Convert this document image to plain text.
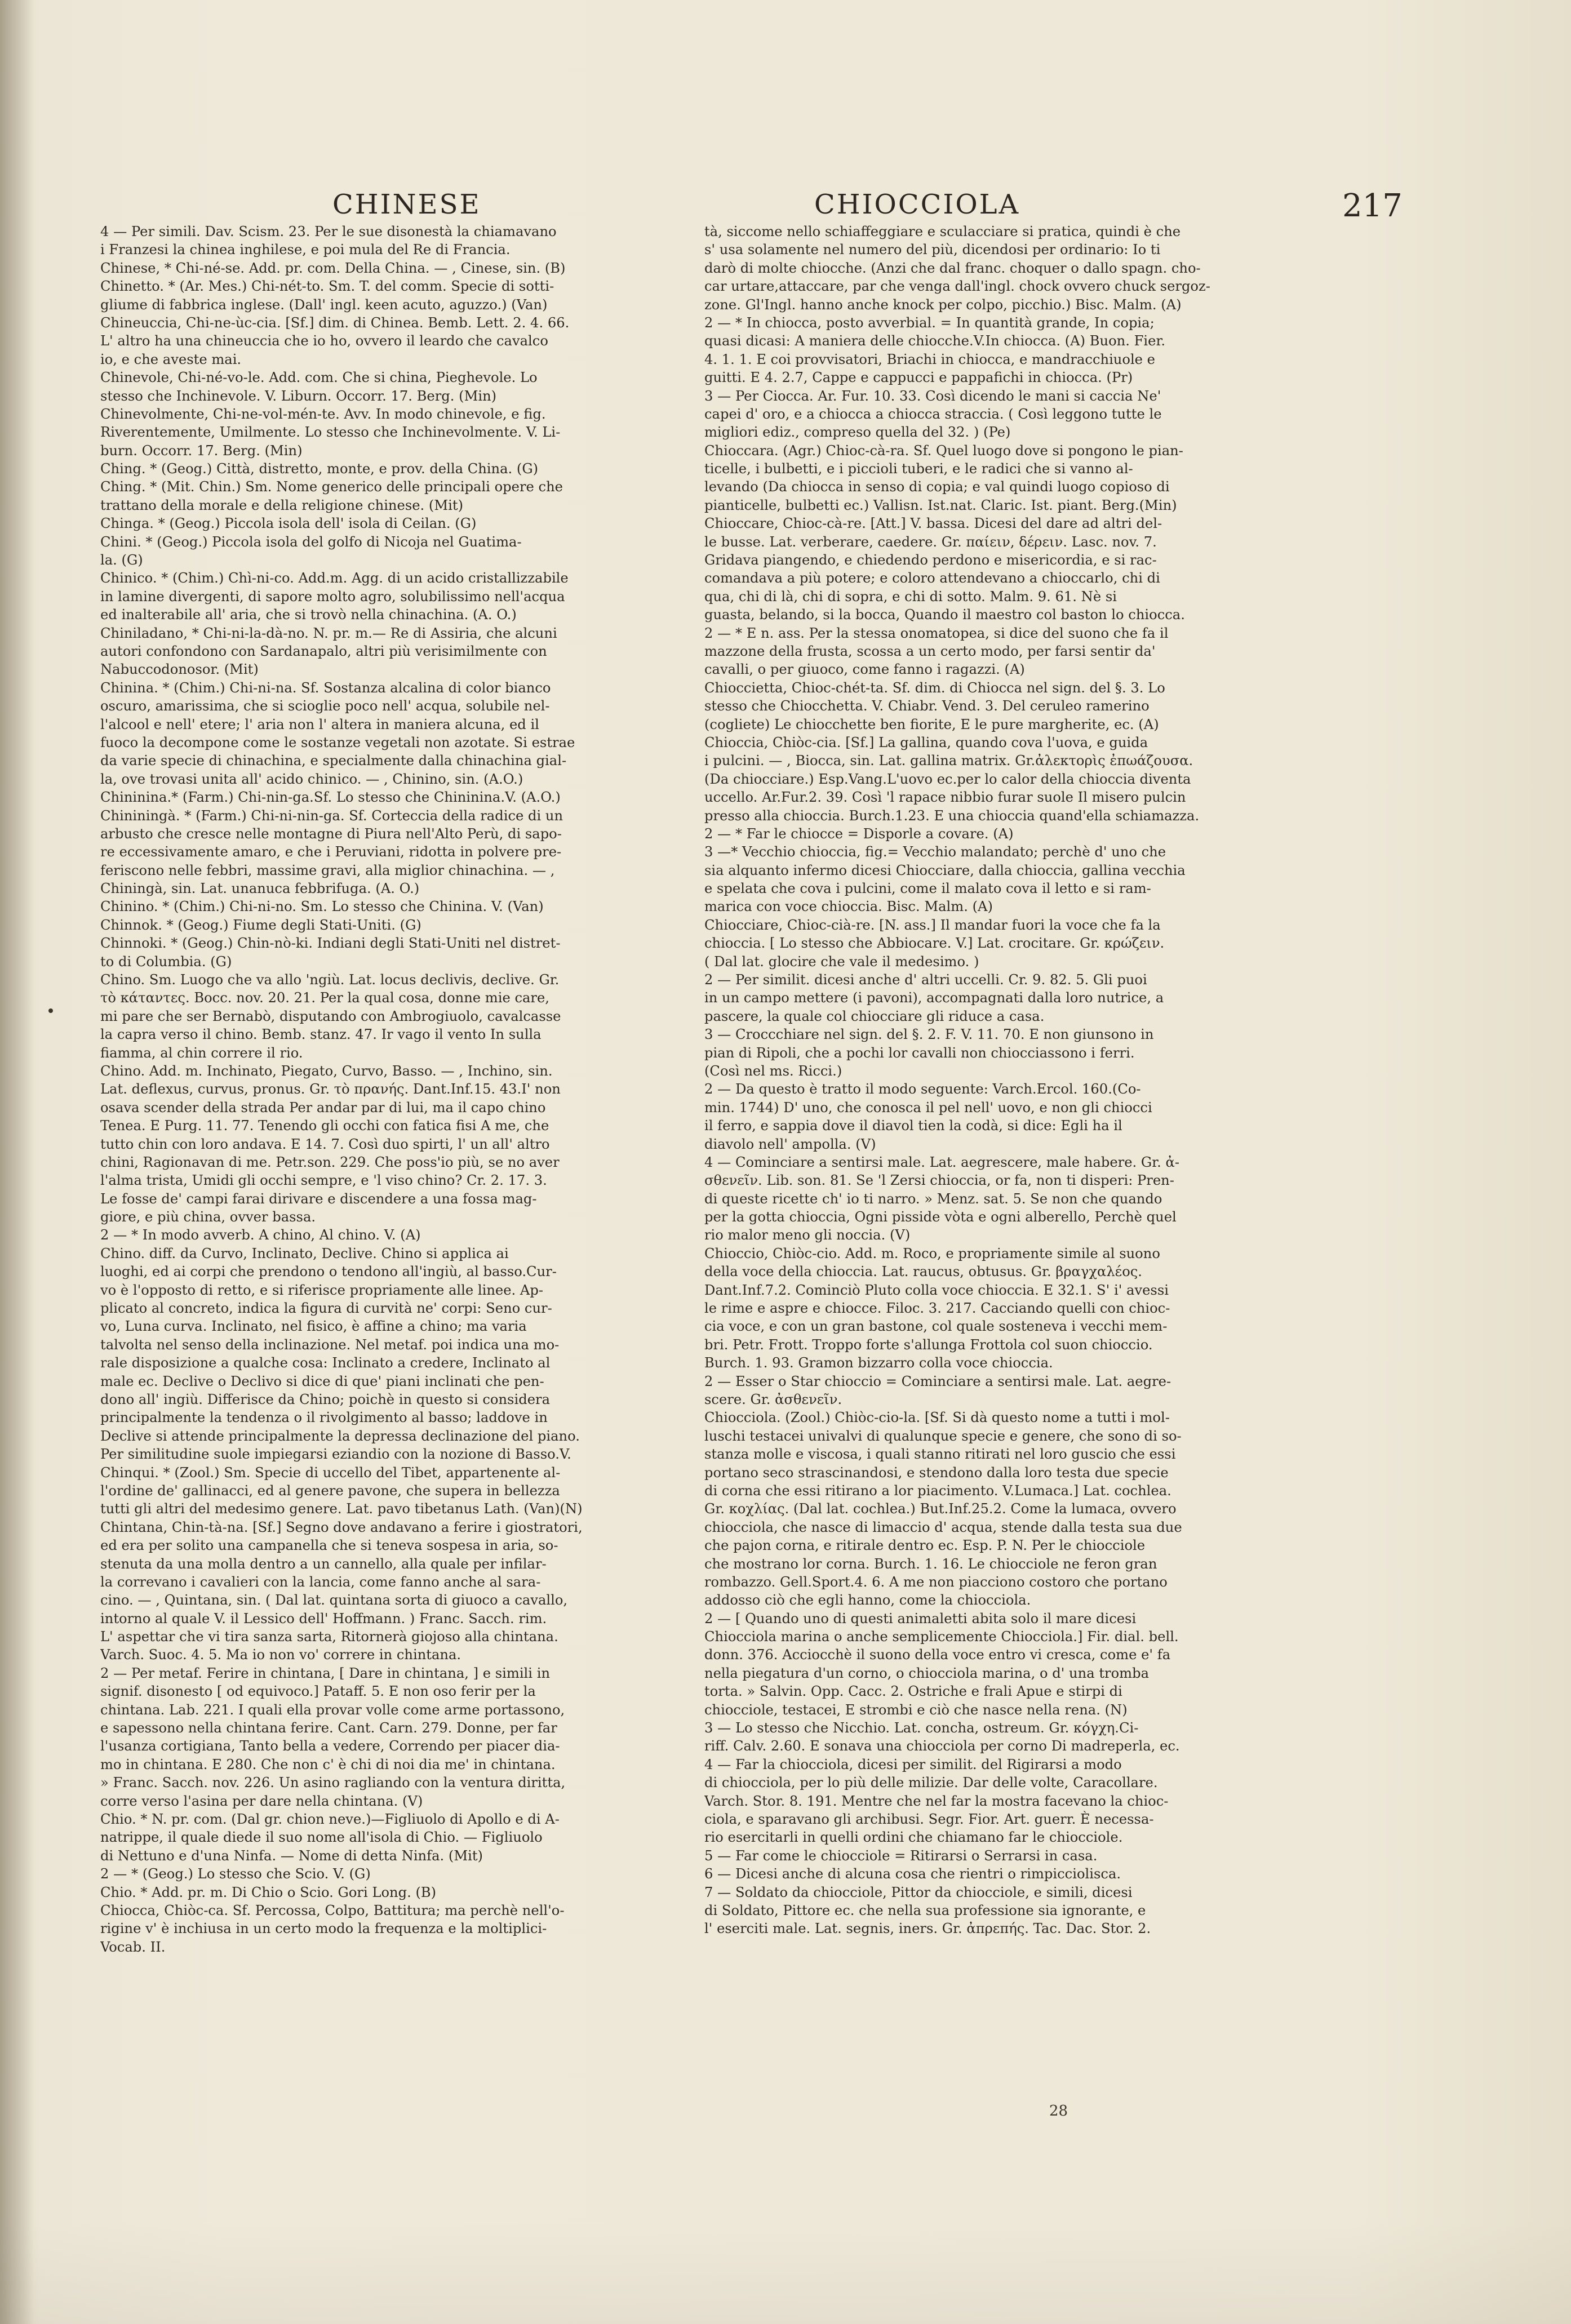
CHINESE	CHIOCCIOLA	217
4 — Per simili. Dav. Scism. 23. Per le sue disonestà la chiamavano
i Franzesi la chinea inghilese, e poi mula del Re di Francia.
Chinese, * Chi-né-se. Add. pr. com. Della China. — , Cinese, sin. (B)
Chinetto. * (Ar. Mes.) Chi-nét-to. Sm. T. del comm. Specie di sotti-
gliume di fabbrica inglese. (Dall' ingl. keen acuto, aguzzo.) (Van)
Chineuccia, Chi-ne-ùc-cia. [Sf.] dim. di Chinea. Bemb. Lett. 2. 4. 66.
L' altro ha una chineuccia che io ho, ovvero il leardo che cavalco
io, e che aveste mai.
Chinevole, Chi-né-vo-le. Add. com. Che si china, Pieghevole. Lo
stesso che Inchinevole. V. Liburn. Occorr. 17. Berg. (Min)
Chinevolmente, Chi-ne-vol-mén-te. Avv. In modo chinevole, e fig.
Riverentemente, Umilmente. Lo stesso che Inchinevolmente. V. Li-
burn. Occorr. 17. Berg. (Min)
Ching. * (Geog.) Città, distretto, monte, e prov. della China. (G)
Ching. * (Mit. Chin.) Sm. Nome generico delle principali opere che
trattano della morale e della religione chinese. (Mit)
Chinga. * (Geog.) Piccola isola dell' isola di Ceilan. (G)
Chini. * (Geog.) Piccola isola del golfo di Nicoja nel Guatima-
la. (G)
Chinico. * (Chim.) Chì-ni-co. Add.m. Agg. di un acido cristallizzabile
in lamine divergenti, di sapore molto agro, solubilissimo nell'acqua
ed inalterabile all' aria, che si trovò nella chinachina. (A. O.)
Chiniladano, * Chi-ni-la-dà-no. N. pr. m.— Re di Assiria, che alcuni
autori confondono con Sardanapalo, altri più verisimilmente con
Nabuccodonosor. (Mit)
Chinina. * (Chim.) Chi-ni-na. Sf. Sostanza alcalina di color bianco
oscuro, amarissima, che si scioglie poco nell' acqua, solubile nel-
l'alcool e nell' etere; l' aria non l' altera in maniera alcuna, ed il
fuoco la decompone come le sostanze vegetali non azotate. Si estrae
da varie specie di chinachina, e specialmente dalla chinachina gial-
la, ove trovasi unita all' acido chinico. — , Chinino, sin. (A.O.)
Chininina.* (Farm.) Chi-nin-ga.Sf. Lo stesso che Chininina.V. (A.O.)
Chininingà. * (Farm.) Chi-ni-nin-ga. Sf. Corteccia della radice di un
arbusto che cresce nelle montagne di Piura nell'Alto Perù, di sapo-
re eccessivamente amaro, e che i Peruviani, ridotta in polvere pre-
feriscono nelle febbri, massime gravi, alla miglior chinachina. — ,
Chiningà, sin. Lat. unanuca febbrifuga. (A. O.)
Chinino. * (Chim.) Chi-ni-no. Sm. Lo stesso che Chinina. V. (Van)
Chinnok. * (Geog.) Fiume degli Stati-Uniti. (G)
Chinnoki. * (Geog.) Chin-nò-ki. Indiani degli Stati-Uniti nel distret-
to di Columbia. (G)
Chino. Sm. Luogo che va allo 'ngiù. Lat. locus declivis, declive. Gr.
τὸ κάταντες. Bocc. nov. 20. 21. Per la qual cosa, donne mie care,
mi pare che ser Bernabò, disputando con Ambrogiuolo, cavalcasse
la capra verso il chino. Bemb. stanz. 47. Ir vago il vento In sulla
fiamma, al chin correre il rio.
Chino. Add. m. Inchinato, Piegato, Curvo, Basso. — , Inchino, sin.
Lat. deflexus, curvus, pronus. Gr. τὸ πρανής. Dant.Inf.15. 43.I' non
osava scender della strada Per andar par di lui, ma il capo chino
Tenea. E Purg. 11. 77. Tenendo gli occhi con fatica fisi A me, che
tutto chin con loro andava. E 14. 7. Così duo spirti, l' un all' altro
chini, Ragionavan di me. Petr.son. 229. Che poss'io più, se no aver
l'alma trista, Umidi gli occhi sempre, e 'l viso chino? Cr. 2. 17. 3.
Le fosse de' campi farai dirivare e discendere a una fossa mag-
giore, e più china, ovver bassa.
2 — * In modo avverb. A chino, Al chino. V. (A)
Chino. diff. da Curvo, Inclinato, Declive. Chino si applica ai
luoghi, ed ai corpi che prendono o tendono all'ingiù, al basso.Cur-
vo è l'opposto di retto, e si riferisce propriamente alle linee. Ap-
plicato al concreto, indica la figura di curvità ne' corpi: Seno cur-
vo, Luna curva. Inclinato, nel fisico, è affine a chino; ma varia
talvolta nel senso della inclinazione. Nel metaf. poi indica una mo-
rale disposizione a qualche cosa: Inclinato a credere, Inclinato al
male ec. Declive o Declivo si dice di que' piani inclinati che pen-
dono all' ingiù. Differisce da Chino; poichè in questo si considera
principalmente la tendenza o il rivolgimento al basso; laddove in
Declive si attende principalmente la depressa declinazione del piano.
Per similitudine suole impiegarsi eziandio con la nozione di Basso.V.
Chinqui. * (Zool.) Sm. Specie di uccello del Tibet, appartenente al-
l'ordine de' gallinacci, ed al genere pavone, che supera in bellezza
tutti gli altri del medesimo genere. Lat. pavo tibetanus Lath. (Van)(N)
Chintana, Chin-tà-na. [Sf.] Segno dove andavano a ferire i giostratori,
ed era per solito una campanella che si teneva sospesa in aria, so-
stenuta da una molla dentro a un cannello, alla quale per infilar-
la correvano i cavalieri con la lancia, come fanno anche al sara-
cino. — , Quintana, sin. ( Dal lat. quintana sorta di giuoco a cavallo,
intorno al quale V. il Lessico dell' Hoffmann. ) Franc. Sacch. rim.
L' aspettar che vi tira sanza sarta, Ritornerà giojoso alla chintana.
Varch. Suoc. 4. 5. Ma io non vo' correre in chintana.
2 — Per metaf. Ferire in chintana, [ Dare in chintana, ] e simili in
signif. disonesto [ od equivoco.] Pataff. 5. E non oso ferir per la
chintana. Lab. 221. I quali ella provar volle come arme portassono,
e sapessono nella chintana ferire. Cant. Carn. 279. Donne, per far
l'usanza cortigiana, Tanto bella a vedere, Correndo per piacer dia-
mo in chintana. E 280. Che non c' è chi di noi dia me' in chintana.
» Franc. Sacch. nov. 226. Un asino ragliando con la ventura diritta,
corre verso l'asina per dare nella chintana. (V)
Chio. * N. pr. com. (Dal gr. chion neve.)—Figliuolo di Apollo e di A-
natrippe, il quale diede il suo nome all'isola di Chio. — Figliuolo
di Nettuno e d'una Ninfa. — Nome di detta Ninfa. (Mit)
2 — * (Geog.) Lo stesso che Scio. V. (G)
Chio. * Add. pr. m. Di Chio o Scio. Gori Long. (B)
Chiocca, Chiòc-ca. Sf. Percossa, Colpo, Battitura; ma perchè nell'o-
rigine v' è inchiusa in un certo modo la frequenza e la moltiplici-
Vocab. II.
tà, siccome nello schiaffeggiare e sculacciare si pratica, quindi è che
s' usa solamente nel numero del più, dicendosi per ordinario: Io ti
darò di molte chiocche. (Anzi che dal franc. choquer o dallo spagn. cho-
car urtare,attaccare, par che venga dall'ingl. chock ovvero chuck sergoz-
zone. Gl'Ingl. hanno anche knock per colpo, picchio.) Bisc. Malm. (A)
2 — * In chiocca, posto avverbial. = In quantità grande, In copia;
quasi dicasi: A maniera delle chiocche.V.In chiocca. (A) Buon. Fier.
4. 1. 1. E coi provvisatori, Briachi in chiocca, e mandracchiuole e
guitti. E 4. 2.7, Cappe e cappucci e pappafichi in chiocca. (Pr)
3 — Per Ciocca. Ar. Fur. 10. 33. Così dicendo le mani si caccia Ne'
capei d' oro, e a chiocca a chiocca straccia. ( Così leggono tutte le
migliori ediz., compreso quella del 32. ) (Pe)
Chioccara. (Agr.) Chioc-cà-ra. Sf. Quel luogo dove si pongono le pian-
ticelle, i bulbetti, e i piccioli tuberi, e le radici che si vanno al-
levando (Da chiocca in senso di copia; e val quindi luogo copioso di
pianticelle, bulbetti ec.) Vallisn. Ist.nat. Claric. Ist. piant. Berg.(Min)
Chioccare, Chioc-cà-re. [Att.] V. bassa. Dicesi del dare ad altri del-
le busse. Lat. verberare, caedere. Gr. παίειν, δέρειν. Lasc. nov. 7.
Gridava piangendo, e chiedendo perdono e misericordia, e si rac-
comandava a più potere; e coloro attendevano a chioccarlo, chi di
qua, chi di là, chi di sopra, e chi di sotto. Malm. 9. 61. Nè si
guasta, belando, si la bocca, Quando il maestro col baston lo chiocca.
2 — * E n. ass. Per la stessa onomatopea, si dice del suono che fa il
mazzone della frusta, scossa a un certo modo, per farsi sentir da'
cavalli, o per giuoco, come fanno i ragazzi. (A)
Chioccietta, Chioc-chét-ta. Sf. dim. di Chiocca nel sign. del §. 3. Lo
stesso che Chiocchetta. V. Chiabr. Vend. 3. Del ceruleo ramerino
(cogliete) Le chiocchette ben fiorite, E le pure margherite, ec. (A)
Chioccia, Chiòc-cia. [Sf.] La gallina, quando cova l'uova, e guida
i pulcini. — , Biocca, sin. Lat. gallina matrix. Gr.ἀλεκτορὶς ἐπωάζουσα.
(Da chiocciare.) Esp.Vang.L'uovo ec.per lo calor della chioccia diventa
uccello. Ar.Fur.2. 39. Così 'l rapace nibbio furar suole Il misero pulcin
presso alla chioccia. Burch.1.23. E una chioccia quand'ella schiamazza.
2 — * Far le chiocce = Disporle a covare. (A)
3 —* Vecchio chioccia, fig.= Vecchio malandato; perchè d' uno che
sia alquanto infermo dicesi Chiocciare, dalla chioccia, gallina vecchia
e spelata che cova i pulcini, come il malato cova il letto e si ram-
marica con voce chioccia. Bisc. Malm. (A)
Chiocciare, Chioc-cià-re. [N. ass.] Il mandar fuori la voce che fa la
chioccia. [ Lo stesso che Abbiocare. V.] Lat. crocitare. Gr. κρώζειν.
( Dal lat. glocire che vale il medesimo. )
2 — Per similit. dicesi anche d' altri uccelli. Cr. 9. 82. 5. Gli puoi
in un campo mettere (i pavoni), accompagnati dalla loro nutrice, a
pascere, la quale col chiocciare gli riduce a casa.
3 — Croccchiare nel sign. del §. 2. F. V. 11. 70. E non giunsono in
pian di Ripoli, che a pochi lor cavalli non chiocciassono i ferri.
(Così nel ms. Ricci.)
2 — Da questo è tratto il modo seguente: Varch.Ercol. 160.(Co-
min. 1744) D' uno, che conosca il pel nell' uovo, e non gli chiocci
il ferro, e sappia dove il diavol tien la codà, si dice: Egli ha il
diavolo nell' ampolla. (V)
4 — Cominciare a sentirsi male. Lat. aegrescere, male habere. Gr. ἀ-
σθενεῖν. Lib. son. 81. Se 'l Zersi chioccia, or fa, non ti disperi: Pren-
di queste ricette ch' io ti narro. » Menz. sat. 5. Se non che quando
per la gotta chioccia, Ogni pisside vòta e ogni alberello, Perchè quel
rio malor meno gli noccia. (V)
Chioccio, Chiòc-cio. Add. m. Roco, e propriamente simile al suono
della voce della chioccia. Lat. raucus, obtusus. Gr. βραγχαλέος.
Dant.Inf.7.2. Cominciò Pluto colla voce chioccia. E 32.1. S' i' avessi
le rime e aspre e chiocce. Filoc. 3. 217. Cacciando quelli con chioc-
cia voce, e con un gran bastone, col quale sosteneva i vecchi mem-
bri. Petr. Frott. Troppo forte s'allunga Frottola col suon chioccio.
Burch. 1. 93. Gramon bizzarro colla voce chioccia.
2 — Esser o Star chioccio = Cominciare a sentirsi male. Lat. aegre-
scere. Gr. ἀσθενεῖν.
Chiocciola. (Zool.) Chiòc-cio-la. [Sf. Si dà questo nome a tutti i mol-
luschi testacei univalvi di qualunque specie e genere, che sono di so-
stanza molle e viscosa, i quali stanno ritirati nel loro guscio che essi
portano seco strascinandosi, e stendono dalla loro testa due specie
di corna che essi ritirano a lor piacimento. V.Lumaca.] Lat. cochlea.
Gr. κοχλίας. (Dal lat. cochlea.) But.Inf.25.2. Come la lumaca, ovvero
chiocciola, che nasce di limaccio d' acqua, stende dalla testa sua due
che pajon corna, e ritirale dentro ec. Esp. P. N. Per le chiocciole
che mostrano lor corna. Burch. 1. 16. Le chiocciole ne feron gran
rombazzo. Gell.Sport.4. 6. A me non piacciono costoro che portano
addosso ciò che egli hanno, come la chiocciola.
2 — [ Quando uno di questi animaletti abita solo il mare dicesi
Chiocciola marina o anche semplicemente Chiocciola.] Fir. dial. bell.
donn. 376. Acciocchè il suono della voce entro vi cresca, come e' fa
nella piegatura d'un corno, o chiocciola marina, o d' una tromba
torta. » Salvin. Opp. Cacc. 2. Ostriche e frali Apue e stirpi di
chiocciole, testacei, E strombi e ciò che nasce nella rena. (N)
3 — Lo stesso che Nicchio. Lat. concha, ostreum. Gr. κόγχη.Ci-
riff. Calv. 2.60. E sonava una chiocciola per corno Di madreperla, ec.
4 — Far la chiocciola, dicesi per similit. del Rigirarsi a modo
di chiocciola, per lo più delle milizie. Dar delle volte, Caracollare.
Varch. Stor. 8. 191. Mentre che nel far la mostra facevano la chioc-
ciola, e sparavano gli archibusi. Segr. Fior. Art. guerr. È necessa-
rio esercitarli in quelli ordini che chiamano far le chiocciole.
5 — Far come le chiocciole = Ritirarsi o Serrarsi in casa.
6 — Dicesi anche di alcuna cosa che rientri o rimpicciolisca.
7 — Soldato da chiocciole, Pittor da chiocciole, e simili, dicesi
di Soldato, Pittore ec. che nella sua professione sia ignorante, e
l' eserciti male. Lat. segnis, iners. Gr. ἀπρεπής. Tac. Dac. Stor. 2.
28
